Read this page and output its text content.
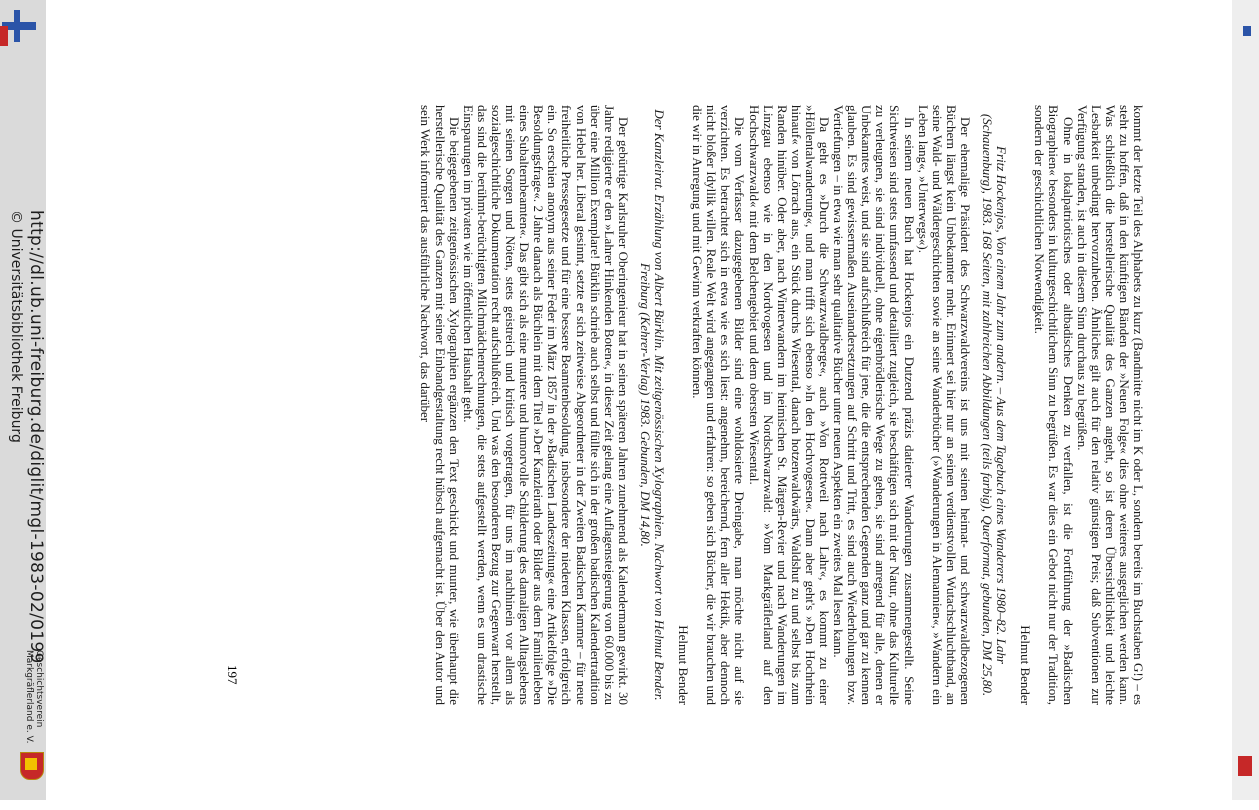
http://dl.ub.uni-freiburg.de/diglit/mgl-1983-02/0199
© Universitätsbibliothek Freiburg
Geschichtsverein Markgräflerland e. V.	kommt der letzte Teil des Alphabets zu kurz (Bandmitte nicht im K oder L, sondern bereits im Buchstaben G!) – es steht zu hoffen, daß in den künftigen Bänden der »Neuen Folge« dies ohne weiteres ausgeglichen werden kann. Was schließlich die herstellerische Qualität des Ganzen angeht, so ist deren Übersichtlichkeit und leichte Lesbarkeit unbedingt hervorzuheben. Ähnliches gilt auch für den relativ günstigen Preis; daß Subventionen zur Verfügung standen, ist auch in diesem Sinn durchaus zu begrüßen.

Ohne in lokalpatriotisches oder altbadisches Denken zu verfallen, ist die Fortführung der »Badischen Biographien« besonders in kulturgeschichtlichem Sinn zu begrüßen. Es war dies ein Gebot nicht nur der Tradition, sondern der geschichtlichen Notwendigkeit.

Helmut Bender

Fritz Hockenjos, Von einem Jahr zum andern. – Aus dem Tagebuch eines Wanderers 1980–82. Lahr (Schauenburg), 1983. 168 Seiten, mit zahlreichen Abbildungen (teils farbig), Querformat, gebunden, DM 25,80.

Der ehemalige Präsident des Schwarzwaldvereins ist uns mit seinen heimat- und schwarzwaldbezogenen Büchern längst kein Unbekannter mehr. Erinnert sei hier nur an seinen verdienstvollen Wutachschluchtband, an seine Wald- und Wäldergeschichten sowie an seine Wanderbücher (»Wanderungen in Alemannien«, »Wandern ein Leben lang«, »Unterwegs«).

In seinem neuen Buch hat Hockenjos ein Dutzend präzis datierter Wanderungen zusammengestellt. Seine Sichtweisen sind stets umfassend und detailliert zugleich, sie beschäftigen sich mit der Natur, ohne das Kulturelle zu verleugnen, sie sind individuell, ohne eigenbrödlerische Wege zu gehen, sie sind anregend für alle, denen er Unbekanntes weist, und sie sind aufschlußreich für jene, die die entsprechenden Gegenden ganz und gar zu kennen glauben. Es sind gewissermaßen Auseinandersetzungen auf Schritt und Tritt, es sind auch Wiederholungen bzw. Vertiefungen – in etwa wie man sehr qualitative Bücher unter neuen Aspekten ein zweites Mal lesen kann.

Da geht es »Durch die Schwarzwaldberge«, auch »Von Rottweil nach Lahr«, es kommt zu einer »Höllentalwanderung«, und man trifft sich ebenso »In den Hochvogesen«. Dann aber geht's »Den Hochrhein hinauf« von Lörrach aus, ein Stück durchs Wiesental, danach hotzenwaldwärts, Waldshut zu und selbst bis zum Randen hinüber. Oder aber, nach Winterwandern im heimischen St. Märgen-Revier und nach Wanderungen im Linzgau ebenso wie in den Nordvogesen und im Nordschwarzwald: »Vom Markgräflerland auf den Hochschwarzwald« mit dem Belchengebiet und dem obersten Wiesental.

Die vom Verfasser dazugegebenen Bilder sind eine wohldosierte Dreingabe, man möchte nicht auf sie verzichten. Es betrachtet sich in etwa wie es sich liest: angenehm, bereichernd, fern aller Hektik, aber dennoch nicht bloßer Idyllik willen. Reale Welt wird angegangen und erfahren: so geben sich Bücher, die wir brauchen und die wir in Anregung und mit Gewinn verkraften können.

Helmut Bender

Der Kanzleirat. Erzählung von Albert Bürklin. Mit zeitgenössischen Xylographien. Nachwort von Helmut Bender. Freiburg (Kehrer-Verlag) 1983. Gebunden, DM 14,80.

Der gebürtige Karlsruher Oberingenieur hat in seinen späteren Jahren zunehmend als Kalendermann gewirkt. 30 Jahre redigierte er den »Lahrer Hinkenden Boten«, in dieser Zeit gelang eine Auflagensteigerung von 60.000 bis zu über eine Million Exemplare! Bürklin schrieb auch selbst und füllte sich in der großen badischen Kalendertradition von Hebel her. Liberal gesinnt, setzte er sich zeitweise Abgeordneter in der Zweiten Badischen Kammer – für neue freiheitliche Pressegesetze und für eine bessere Beamtenbesoldung, insbesondere der niederen Klassen, erfolgreich ein. So erschien anonym aus seiner Feder im März 1857 in der »Badischen Landeszeitung« eine Artikelfolge »Die Besoldungsfrage«. 2 Jahre danach als Büchlein mit dem Titel »Der Kanzleirath oder Bilder aus dem Familienleben eines Subalternbeamten«. Das gibt sich als eine muntere und humorvolle Schilderung des damaligen Alltagslebens mit seinen Sorgen und Nöten, stets geistreich und kritisch vorgetragen, für uns im nachhinein vor allem als sozialgeschichtliche Dokumentation recht aufschlußreich. Und was den besonderen Bezug zur Gegenwart herstellt, das sind die berühmt-berüchtigten Milchmädchenrechnungen, die stets aufgestellt werden, wenn es um drastische Einsparungen im privaten wie im öffentlichen Haushalt geht.

Die beigegebenen zeitgenössischen Xylographien ergänzen den Text geschickt und munter, wie überhaupt die herstellerische Qualität des Ganzen mit seiner Einbandgestaltung recht hübsch aufgemacht ist. Über den Autor und sein Werk informiert das ausführliche Nachwort, das darüber

197
